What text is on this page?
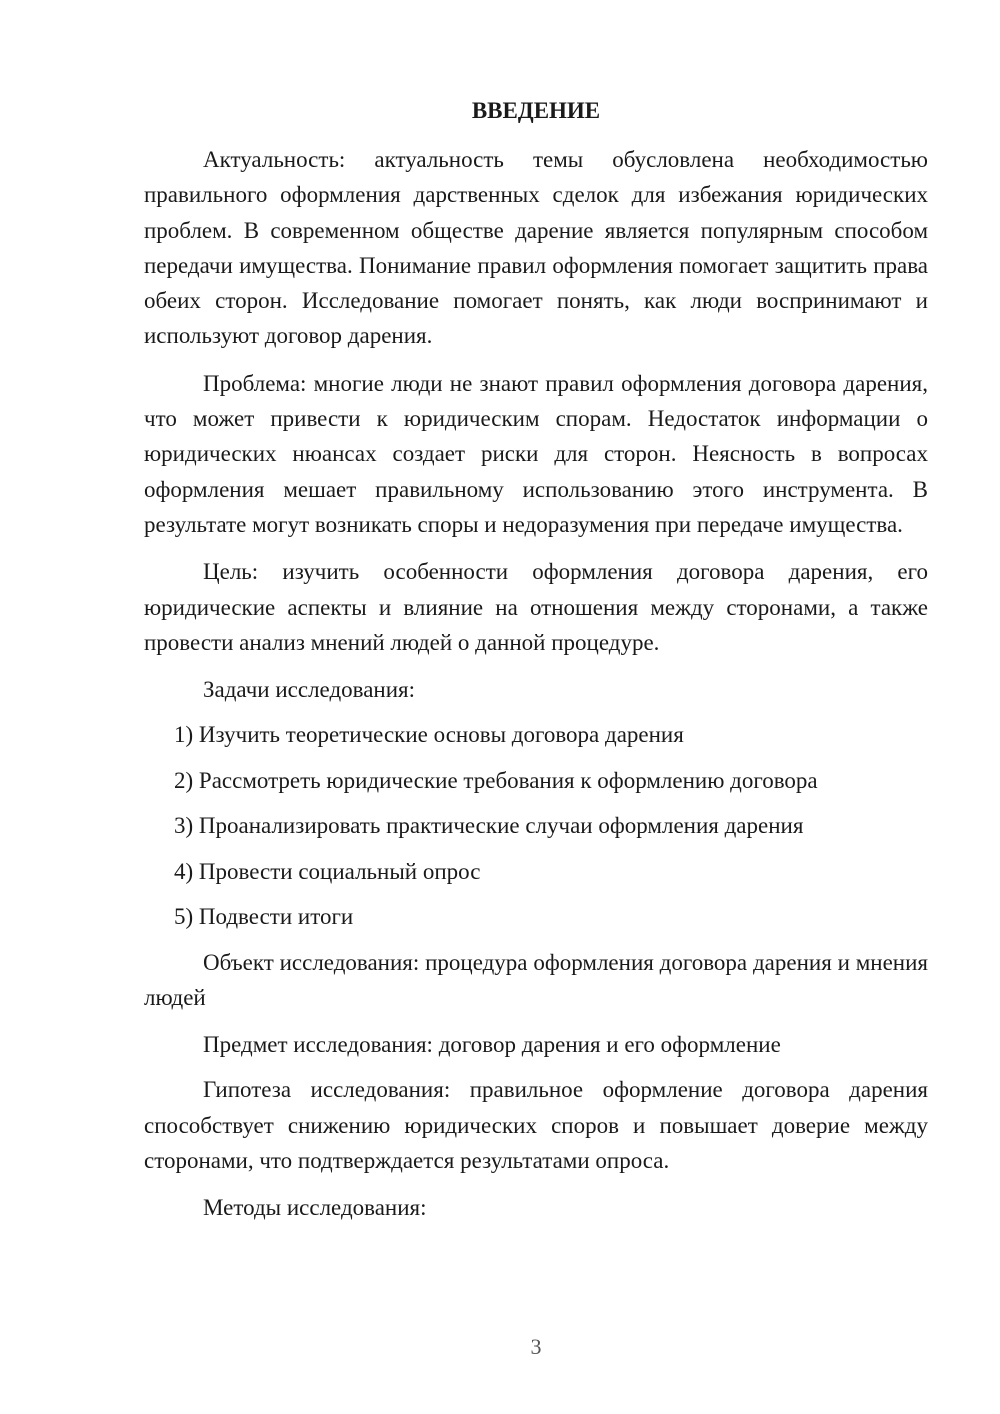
ВВЕДЕНИЕ

Актуальность: актуальность темы обусловлена необходимостью правильного оформления дарственных сделок для избежания юридических проблем. В современном обществе дарение является популярным способом передачи имущества. Понимание правил оформления помогает защитить права обеих сторон. Исследование помогает понять, как люди воспринимают и используют договор дарения.

Проблема: многие люди не знают правил оформления договора дарения, что может привести к юридическим спорам. Недостаток информации о юридических нюансах создает риски для сторон. Неясность в вопросах оформления мешает правильному использованию этого инструмента. В результате могут возникать споры и недоразумения при передаче имущества.

Цель: изучить особенности оформления договора дарения, его юридические аспекты и влияние на отношения между сторонами, а также провести анализ мнений людей о данной процедуре.

Задачи исследования:

1) Изучить теоретические основы договора дарения
2) Рассмотреть юридические требования к оформлению договора
3) Проанализировать практические случаи оформления дарения
4) Провести социальный опрос
5) Подвести итоги

Объект исследования: процедура оформления договора дарения и мнения людей

Предмет исследования: договор дарения и его оформление

Гипотеза исследования: правильное оформление договора дарения способствует снижению юридических споров и повышает доверие между сторонами, что подтверждается результатами опроса.

Методы исследования:

3
